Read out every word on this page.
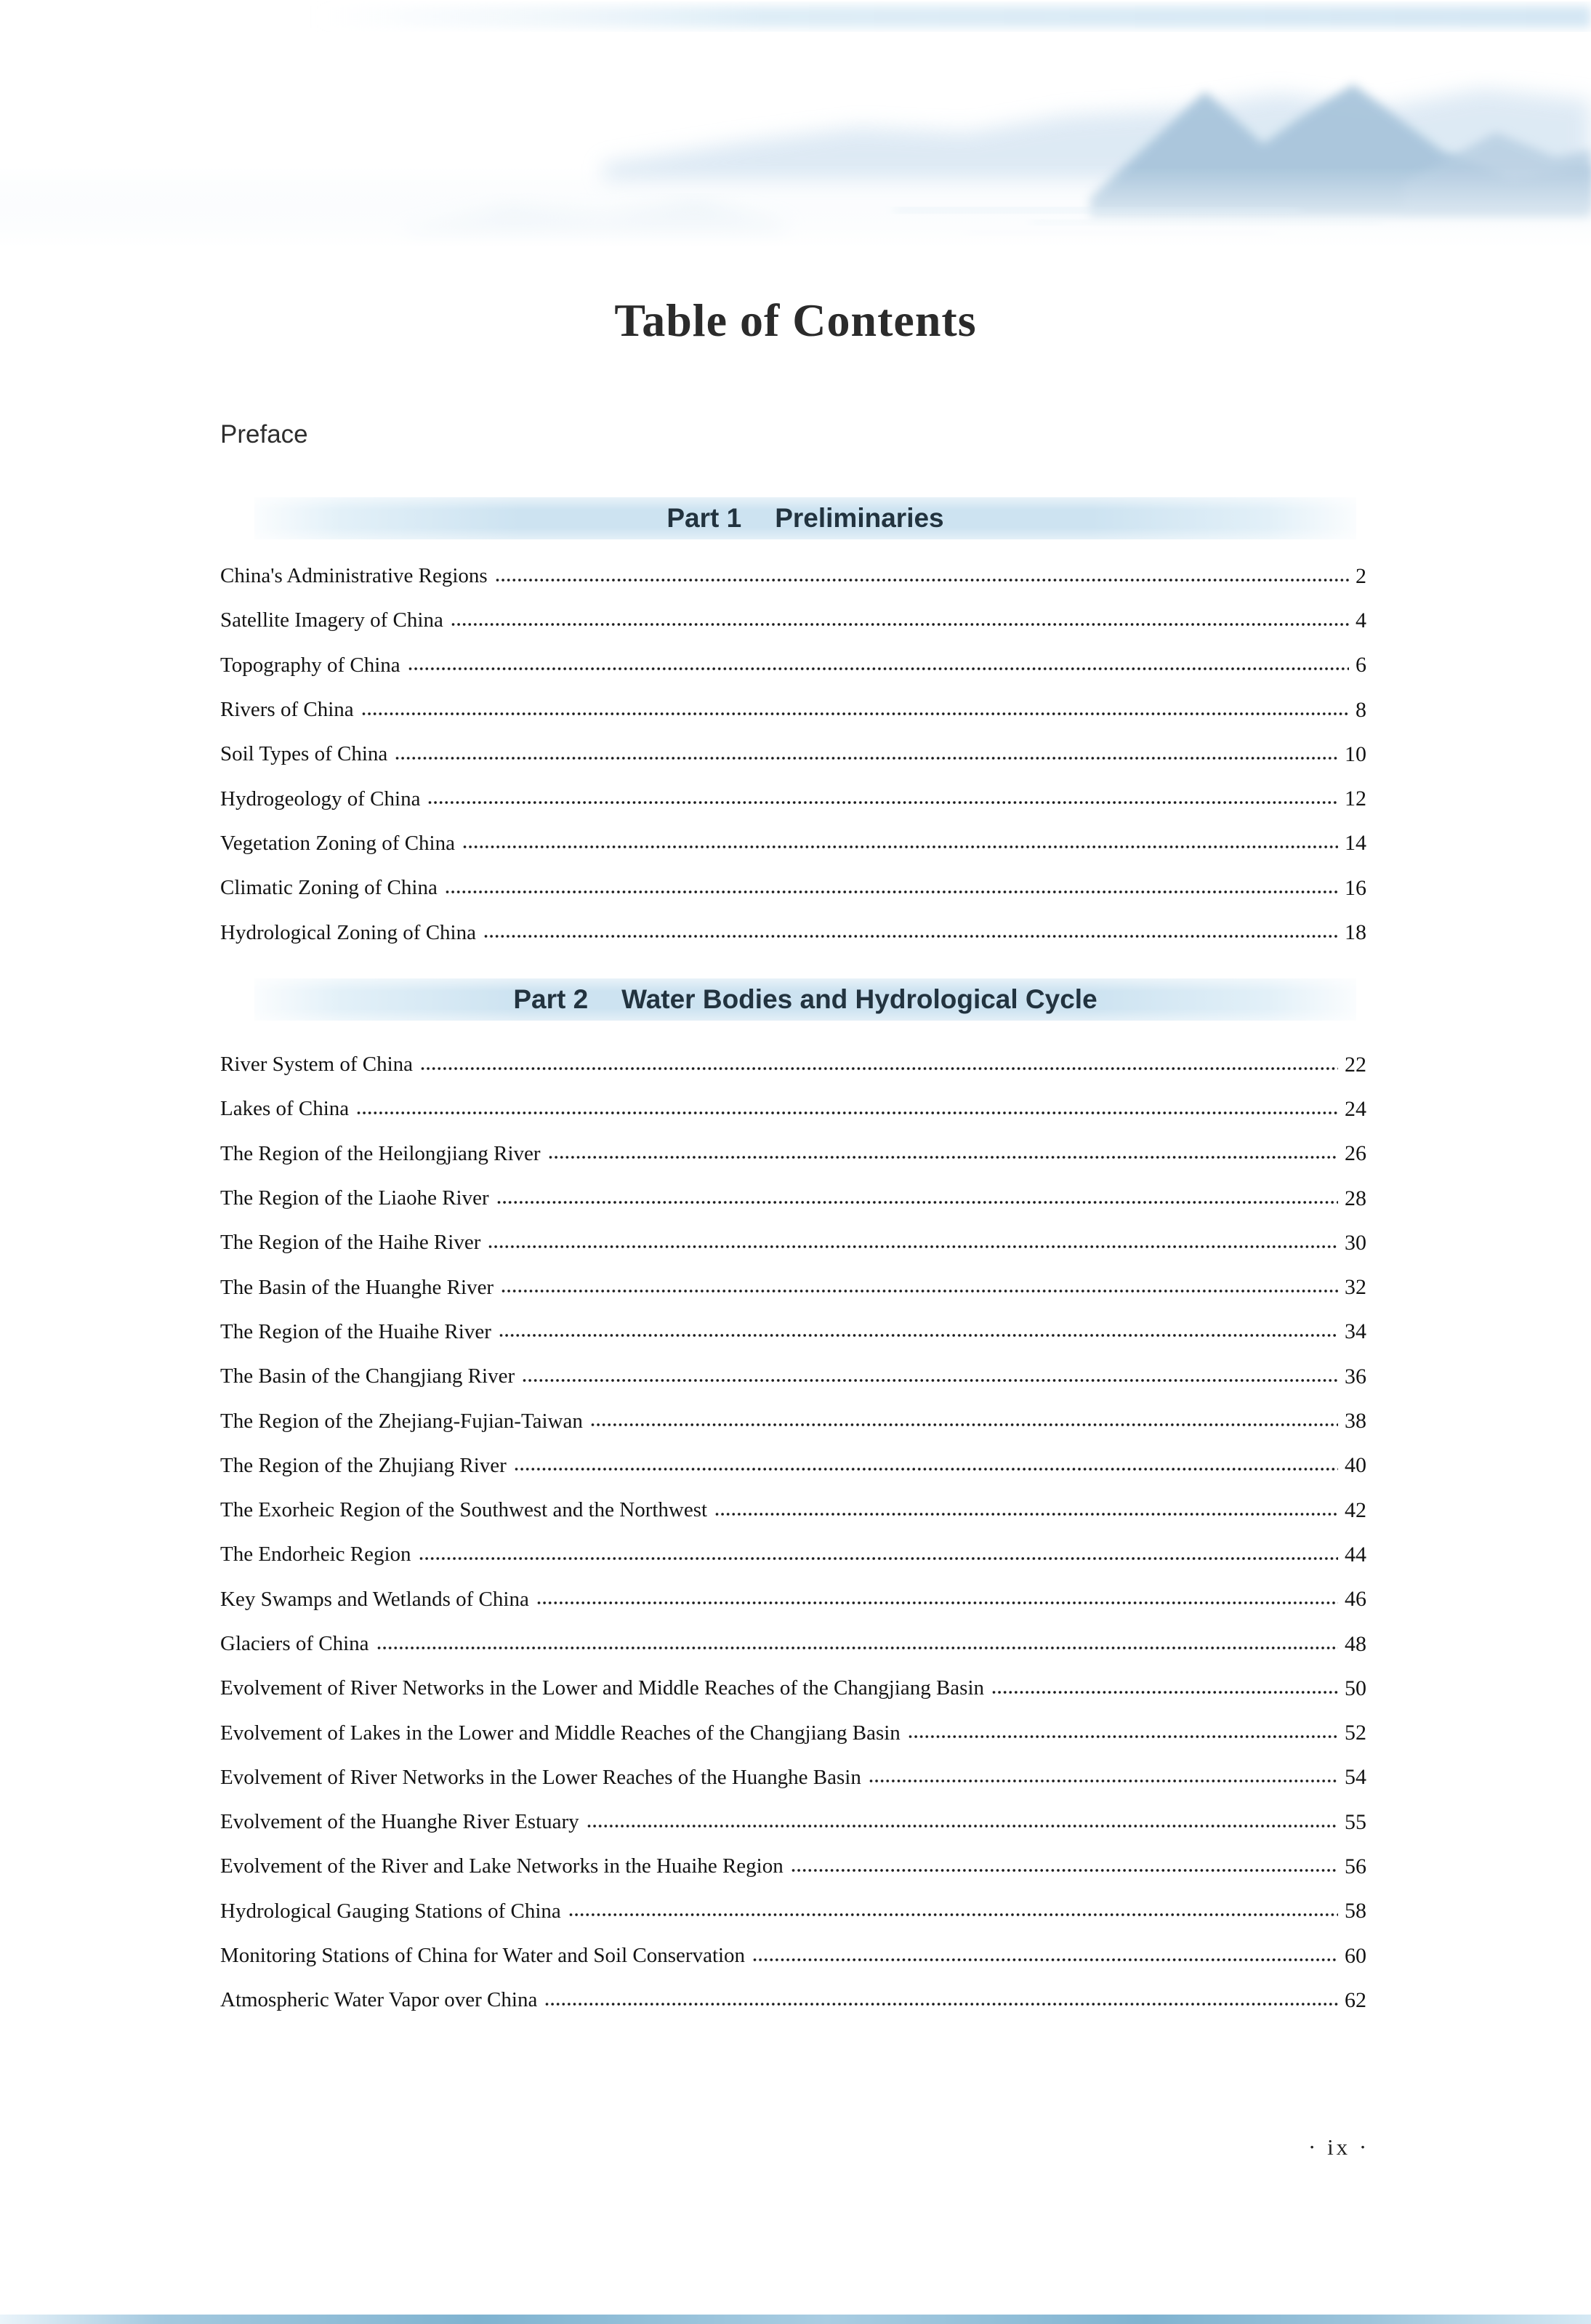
Table of Contents
Preface
Part 1 Preliminaries
China's Administrative Regions	2
Satellite Imagery of China	4
Topography of China	6
Rivers of China	8
Soil Types of China	10
Hydrogeology of China	12
Vegetation Zoning of China	14
Climatic Zoning of China	16
Hydrological Zoning of China	18
Part 2 Water Bodies and Hydrological Cycle
River System of China	22
Lakes of China	24
The Region of the Heilongjiang River	26
The Region of the Liaohe River	28
The Region of the Haihe River	30
The Basin of the Huanghe River	32
The Region of the Huaihe River	34
The Basin of the Changjiang River	36
The Region of the Zhejiang-Fujian-Taiwan	38
The Region of the Zhujiang River	40
The Exorheic Region of the Southwest and the Northwest	42
The Endorheic Region	44
Key Swamps and Wetlands of China	46
Glaciers of China	48
Evolvement of River Networks in the Lower and Middle Reaches of the Changjiang Basin	50
Evolvement of Lakes in the Lower and Middle Reaches of the Changjiang Basin	52
Evolvement of River Networks in the Lower Reaches of the Huanghe Basin	54
Evolvement of the Huanghe River Estuary	55
Evolvement of the River and Lake Networks in the Huaihe Region	56
Hydrological Gauging Stations of China	58
Monitoring Stations of China for Water and Soil Conservation	60
Atmospheric Water Vapor over China	62
· ix ·
